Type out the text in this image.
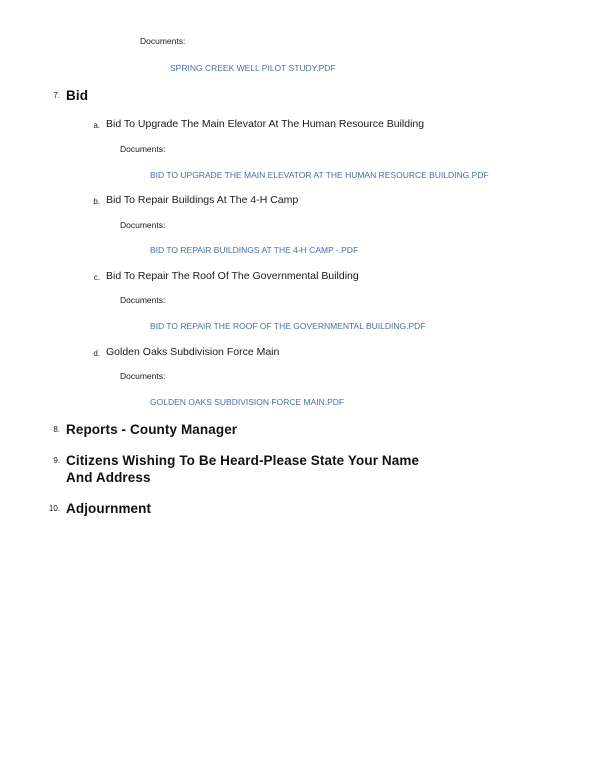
Documents:
SPRING CREEK WELL PILOT STUDY.PDF
7. Bid
a. Bid To Upgrade The Main Elevator At The Human Resource Building
Documents:
BID TO UPGRADE THE MAIN ELEVATOR AT THE HUMAN RESOURCE BUILDING.PDF
b. Bid To Repair Buildings At The 4-H Camp
Documents:
BID TO REPAIR BUILDINGS AT THE 4-H CAMP -.PDF
c. Bid To Repair The Roof Of The Governmental Building
Documents:
BID TO REPAIR THE ROOF OF THE GOVERNMENTAL BUILDING.PDF
d. Golden Oaks Subdivision Force Main
Documents:
GOLDEN OAKS SUBDIVISION FORCE MAIN.PDF
8. Reports - County Manager
9. Citizens Wishing To Be Heard-Please State Your Name And Address
10. Adjournment
